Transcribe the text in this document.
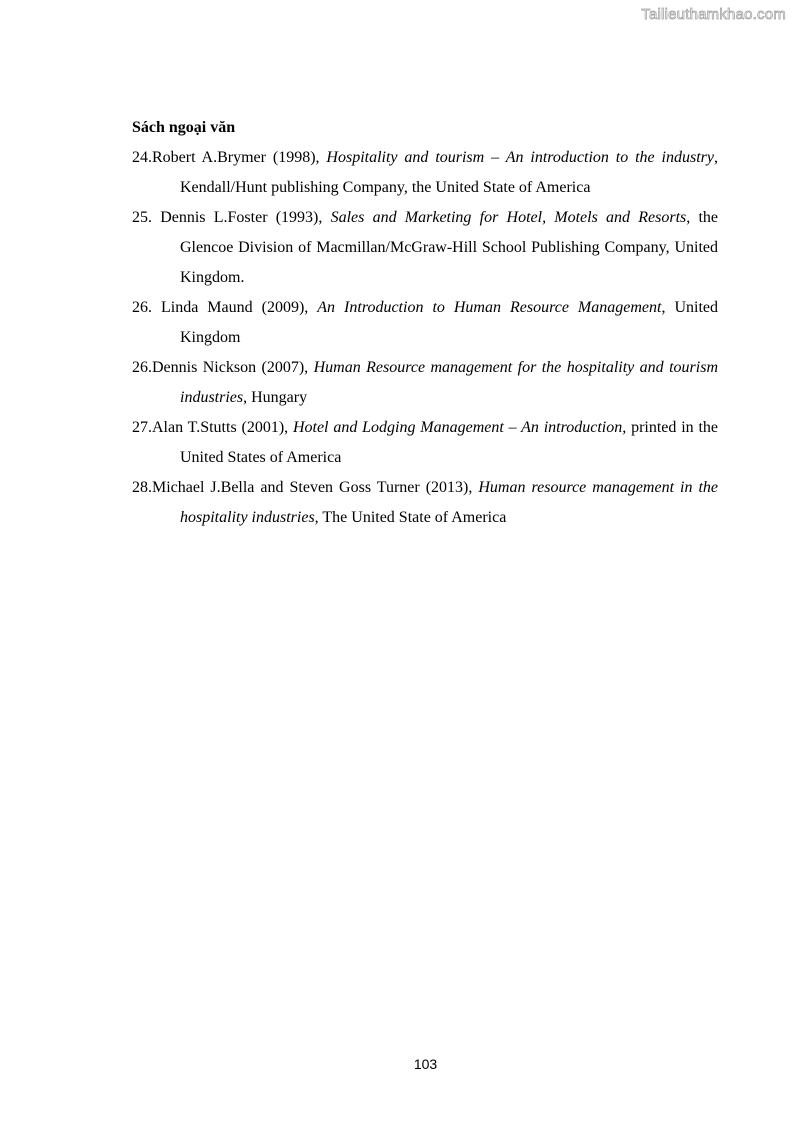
Tailieuthamkhao.com

Sách ngoại văn

24.Robert A.Brymer (1998), Hospitality and tourism – An introduction to the industry, Kendall/Hunt publishing Company, the United State of America

25. Dennis L.Foster (1993), Sales and Marketing for Hotel, Motels and Resorts, the Glencoe Division of Macmillan/McGraw-Hill School Publishing Company, United Kingdom.

26. Linda Maund (2009), An Introduction to Human Resource Management, United Kingdom

26.Dennis Nickson (2007), Human Resource management for the hospitality and tourism industries, Hungary

27.Alan T.Stutts (2001), Hotel and Lodging Management – An introduction, printed in the United States of America

28.Michael J.Bella and Steven Goss Turner (2013), Human resource management in the hospitality industries, The United State of America

103
